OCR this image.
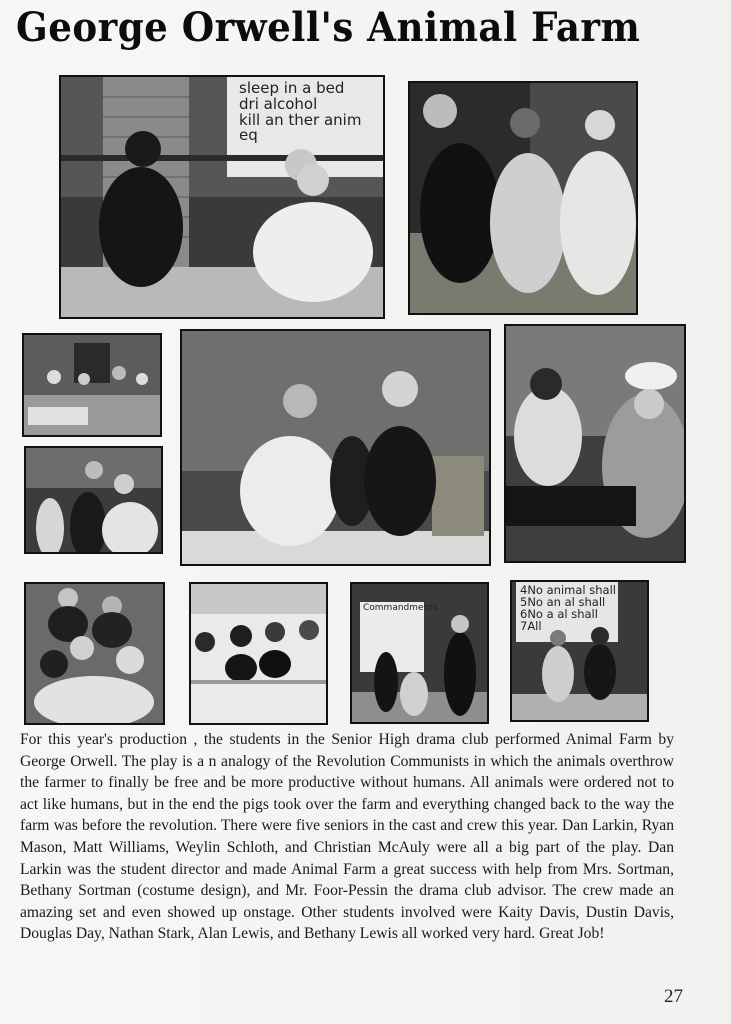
George Orwell's Animal Farm
sleep in a bed
dri alcohol
kill an ther anim
eq
Commandments
4No animal shall
5No an al shall
6No a al shall
7All

For this year's production , the students in the Senior High drama club performed Animal Farm by George Orwell. The play is a n analogy of the Revolution Communists in which the animals overthrow the farmer to finally be free and be more productive without humans. All animals were ordered not to act like humans, but in the end the pigs took over the farm and everything changed back to the way the farm was before the revolution. There were five seniors in the cast and crew this year. Dan Larkin, Ryan Mason, Matt Williams, Weylin Schloth, and Christian McAuly were all a big part of the play. Dan Larkin was the student director and made Animal Farm a great success with help from Mrs. Sortman, Bethany Sortman (costume design), and Mr. Foor-Pessin the drama club advisor. The crew made an amazing set and even showed up onstage. Other students involved were Kaity Davis, Dustin Davis, Douglas Day, Nathan Stark, Alan Lewis, and Bethany Lewis all worked very hard. Great Job!

27
